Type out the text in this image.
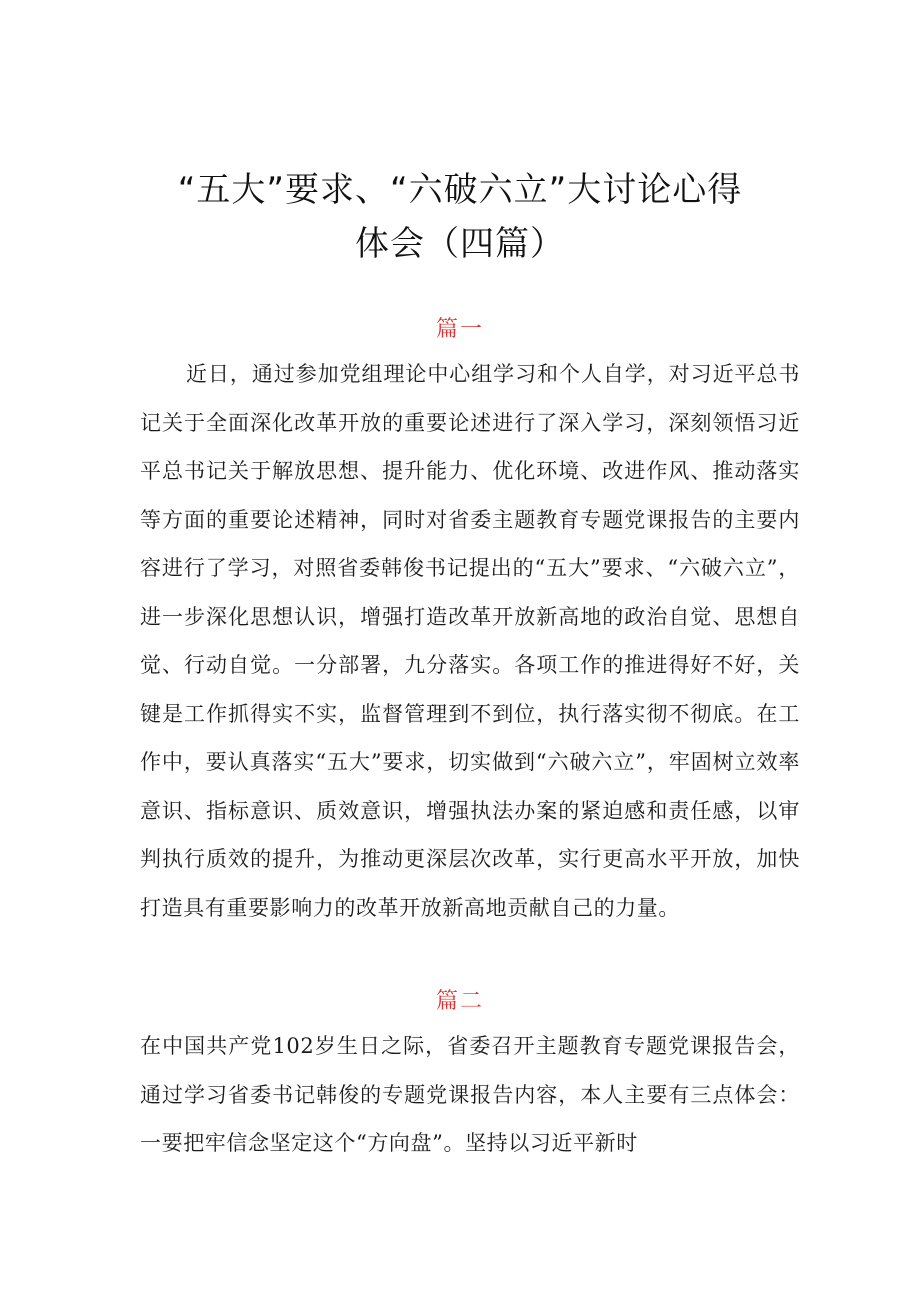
“五大”要求、“六破六立”大讨论心得
体会（四篇）
篇一
近日，通过参加党组理论中心组学习和个人自学，对习近平总书记关于全面深化改革开放的重要论述进行了深入学习，深刻领悟习近平总书记关于解放思想、提升能力、优化环境、改进作风、推动落实等方面的重要论述精神，同时对省委主题教育专题党课报告的主要内容进行了学习，对照省委韩俊书记提出的“五大”要求、“六破六立”，进一步深化思想认识，增强打造改革开放新高地的政治自觉、思想自觉、行动自觉。一分部署，九分落实。各项工作的推进得好不好，关键是工作抓得实不实，监督管理到不到位，执行落实彻不彻底。在工作中，要认真落实“五大”要求，切实做到“六破六立”，牢固树立效率意识、指标意识、质效意识，增强执法办案的紧迫感和责任感，以审判执行质效的提升，为推动更深层次改革，实行更高水平开放，加快打造具有重要影响力的改革开放新高地贡献自己的力量。
篇二
在中国共产党102岁生日之际，省委召开主题教育专题党课报告会，通过学习省委书记韩俊的专题党课报告内容，本人主要有三点体会：一要把牢信念坚定这个“方向盘”。坚持以习近平新时
